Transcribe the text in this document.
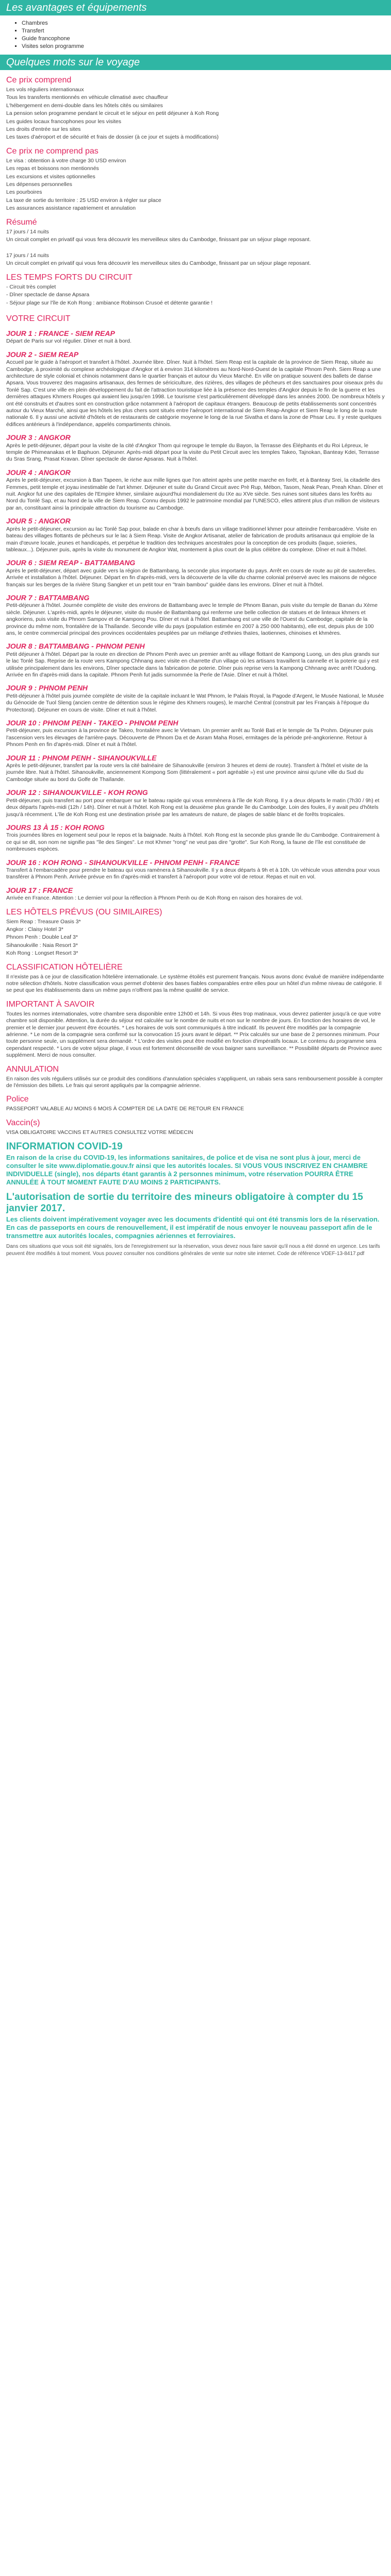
Les avantages et équipements
▪ Chambres
▪ Transfert
▪ Guide francophone
▪ Visites selon programme
Quelques mots sur le voyage
Ce prix comprend

Les vols réguliers internationaux

Tous les transferts mentionnés en véhicule climatisé avec chauffeur

L'hébergement en demi-double dans les hôtels cités ou similaires

La pension selon programme pendant le circuit et le séjour en petit déjeuner à Koh Rong

Les guides locaux francophones pour les visites

Les droits d'entrée sur les sites

Les taxes d'aéroport et de sécurité et frais de dossier (à ce jour et sujets à modifications)

Ce prix ne comprend pas

Le visa : obtention à votre charge 30 USD environ

Les repas et boissons non mentionnés

Les excursions et visites optionnelles

Les dépenses personnelles

Les pourboires

La taxe de sortie du territoire : 25 USD environ à régler sur place

Les assurances assistance rapatriement et annulation

Résumé

17 jours / 14 nuits

Un circuit complet en privatif qui vous fera découvrir les merveilleux sites du Cambodge, finissant par un séjour plage reposant.

17 jours / 14 nuits

Un circuit complet en privatif qui vous fera découvrir les merveilleux sites du Cambodge, finissant par un séjour plage reposant.

LES TEMPS FORTS DU CIRCUIT

- Circuit très complet

- Dîner spectacle de danse Apsara

- Séjour plage sur l'île de Koh Rong : ambiance Robinson Crusoé et détente garantie !

VOTRE CIRCUIT
JOUR 1 : FRANCE - SIEM REAP

Départ de Paris sur vol régulier. Dîner et nuit à bord.

JOUR 2 - SIEM REAP

Accueil par le guide à l'aéroport et transfert à l'hôtel. Journée libre. Dîner. Nuit à l'hôtel. Siem Reap est la capitale de la province de Siem Reap, située au Cambodge, à proximité du complexe archéologique d'Angkor et à environ 314 kilomètres au Nord-Nord-Ouest de la capitale Phnom Penh. Siem Reap a une architecture de style colonial et chinois notamment dans le quartier français et autour du Vieux Marché. En ville on pratique souvent des ballets de danse Apsara. Vous trouverez des magasins artisanaux, des fermes de sériciculture, des rizières, des villages de pêcheurs et des sanctuaires pour oiseaux près du Tonlé Sap. C'est une ville en plein développement du fait de l'attraction touristique liée à la présence des temples d'Angkor depuis le fin de la guerre et les dernières attaques Khmers Rouges qui avaient lieu jusqu'en 1998. Le tourisme s'est particulièrement développé dans les années 2000. De nombreux hôtels y ont été construits et d'autres sont en construction grâce notamment à l'aéroport de capitaux étrangers. Beaucoup de petits établissements sont concentrés autour du Vieux Marché, ainsi que les hôtels les plus chers sont situés entre l'aéroport international de Siem Reap-Angkor et Siem Reap le long de la route nationale 6. Il y aussi une activité d'hôtels et de restaurants de catégorie moyenne le long de la rue Sivatha et dans la zone de Phsar Leu. Il y reste quelques édifices antérieurs à l'indépendance, appelés compartiments chinois.

JOUR 3 : ANGKOR

Après le petit-déjeuner, départ pour la visite de la cité d'Angkor Thom qui regroupe le temple du Bayon, la Terrasse des Éléphants et du Roi Lépreux, le temple de Phimeanakas et le Baphuon. Déjeuner. Après-midi départ pour la visite du Petit Circuit avec les temples Takeo, Tajnokan, Banteay Kdei, Terrasse du Sras Srang, Prasat Kravan. Dîner spectacle de danse Apsaras. Nuit à l'hôtel.

JOUR 4 : ANGKOR

Après le petit-déjeuner, excursion à Ban Tapeen, le riche aux mille lignes que l'on atteint après une petite marche en forêt, et à Banteay Srei, la citadelle des Femmes, petit temple et joyau inestimable de l'art khmer. Déjeuner et suite du Grand Circuit avec Prè Rup, Mébon, Tasom, Neak Pean, Preah Khan. Dîner et nuit. Angkor fut une des capitales de l'Empire khmer, similaire aujourd'hui mondialement du IXe au XVe siècle. Ses ruines sont situées dans les forêts au Nord du Tonlé Sap, et au Nord de la ville de Siem Reap. Connu depuis 1992 le patrimoine mondial par l'UNESCO, elles attirent plus d'un million de visiteurs par an, constituant ainsi la principale attraction du tourisme au Cambodge.

JOUR 5 : ANGKOR

Après le petit-déjeuner, excursion au lac Tonlé Sap pour, balade en char à bœufs dans un village traditionnel khmer pour atteindre l'embarcadère. Visite en bateau des villages flottants de pêcheurs sur le lac à Siem Reap. Visite de Angkor Artisanat, atelier de fabrication de produits artisanaux qui emploie de la main d'œuvre locale, jeunes et handicapés, et perpétue le tradition des techniques ancestrales pour la conception de ces produits (laque, soieries, tableaux...). Déjeuner puis, après la visite du monument de Angkor Wat, montement à plus court de la plus célèbre du complexe. Dîner et nuit à l'hôtel.

JOUR 6 : SIEM REAP - BATTAMBANG

Après le petit-déjeuner, départ avec guide vers la région de Battambang, la seconde plus importante du pays. Arrêt en cours de route au pit de sauterelles. Arrivée et installation à l'hôtel. Déjeuner. Départ en fin d'après-midi, vers la découverte de la ville du charme colonial préservé avec les maisons de négoce français sur les berges de la rivière Stung Sangker et un petit tour en "train bambou" guidée dans les environs. Dîner et nuit à l'hôtel.

JOUR 7 : BATTAMBANG

Petit-déjeuner à l'hôtel. Journée complète de visite des environs de Battambang avec le temple de Phnom Banan, puis visite du temple de Banan du Xème siècle. Déjeuner. L'après-midi, après le déjeuner, visite du musée de Battambang qui renferme une belle collection de statues et de linteaux khmers et angkoriens, puis visite du Phnom Sampov et de Kampong Pou. Dîner et nuit à l'hôtel. Battambang est une ville de l'Ouest du Cambodge, capitale de la province du même nom, frontalière de la Thaïlande. Seconde ville du pays (population estimée en 2007 à 250 000 habitants), elle est, depuis plus de 100 ans, le centre commercial principal des provinces occidentales peuplées par un mélange d'ethnies thaïes, laotiennes, chinoises et khmères.

JOUR 8 : BATTAMBANG - PHNOM PENH

Petit déjeuner à l'hôtel. Départ par la route en direction de Phnom Penh avec un premier arrêt au village flottant de Kampong Luong, un des plus grands sur le lac Tonlé Sap. Reprise de la route vers Kampong Chhnang avec visite en charrette d'un village où les artisans travaillent la cannelle et la poterie qui y est utilisée principalement dans les environs, Dîner spectacle dans la fabrication de poterie. Dîner puis reprise vers la Kampong Chhnang avec arrêt l'Oudong. Arrivée en fin d'après-midi dans la capitale. Phnom Penh fut jadis surnommée la Perle de l'Asie. Dîner et nuit à l'hôtel.

JOUR 9 : PHNOM PENH

Petit-déjeuner à l'hôtel puis journée complète de visite de la capitale incluant le Wat Phnom, le Palais Royal, la Pagode d'Argent, le Musée National, le Musée du Génocide de Tuol Sleng (ancien centre de détention sous le régime des Khmers rouges), le marché Central (construit par les Français à l'époque du Protectorat). Déjeuner en cours de visite. Dîner et nuit à l'hôtel.

JOUR 10 : PHNOM PENH - TAKEO - PHNOM PENH

Petit-déjeuner, puis excursion à la province de Takeo, frontalière avec le Vietnam. Un premier arrêt au Tonlé Bati et le temple de Ta Prohm. Déjeuner puis l'ascension vers les élevages de l'arrière-pays. Découverte de Phnom Da et de Asram Maha Rosei, ermitages de la période pré-angkorienne. Retour à Phnom Penh en fin d'après-midi. Dîner et nuit à l'hôtel.

JOUR 11 : PHNOM PENH - SIHANOUKVILLE

Après le petit-déjeuner, transfert par la route vers la cité balnéaire de Sihanoukville (environ 3 heures et demi de route). Transfert à l'hôtel et visite de la journée libre. Nuit à l'hôtel. Sihanoukville, anciennement Kompong Som (littéralement « port agréable ») est une province ainsi qu'une ville du Sud du Cambodge située au bord du Golfe de Thaïlande.

JOUR 12 : SIHANOUKVILLE - KOH RONG

Petit-déjeuner, puis transfert au port pour embarquer sur le bateau rapide qui vous emmènera à l'île de Koh Rong. Il y a deux départs le matin (7h30 / 9h) et deux départs l'après-midi (12h / 14h). Dîner et nuit à l'hôtel. Koh Rong est la deuxième plus grande île du Cambodge. Loin des foules, il y avait peu d'hôtels jusqu'à récemment. L'île de Koh Rong est une destination prisée par les amateurs de nature, de plages de sable blanc et de forêts tropicales.

JOURS 13 À 15 : KOH RONG

Trois journées libres en logement seul pour le repos et la baignade. Nuits à l'hôtel. Koh Rong est la seconde plus grande île du Cambodge. Contrairement à ce qui se dit, son nom ne signifie pas "île des Singes". Le mot Khmer "rong" ne veut pas dire "grotte". Sur Koh Rong, la faune de l'île est constituée de nombreuses espèces.

JOUR 16 : KOH RONG - SIHANOUKVILLE - PHNOM PENH - FRANCE

Transfert à l'embarcadère pour prendre le bateau qui vous ramènera à Sihanoukville. Il y a deux départs à 9h et à 10h. Un véhicule vous attendra pour vous transférer à Phnom Penh. Arrivée prévue en fin d'après-midi et transfert à l'aéroport pour votre vol de retour. Repas et nuit en vol.

JOUR 17 : FRANCE

Arrivée en France. Attention : Le dernier vol pour la réflection à Phnom Penh ou de Koh Rong en raison des horaires de vol.

LES HÔTELS PRÉVUS (OU SIMILAIRES)

Siem Reap : Treasure Oasis 3*

Angkor : Claisy Hotel 3*

Phnom Penh : Double Leaf 3*

Sihanoukville : Naia Resort 3*

Koh Rong : Longset Resort 3*

CLASSIFICATION HÔTELIÈRE

Il n'existe pas à ce jour de classification hôtelière internationale. Le système étoilés est purement français. Nous avons donc évalué de manière indépendante notre sélection d'hôtels. Notre classification vous permet d'obtenir des bases fiables comparables entre elles pour un hôtel d'un même niveau de catégorie. Il se peut que les établissements dans un même pays n'offrent pas la même qualité de service.

IMPORTANT À SAVOIR

Toutes les normes internationales, votre chambre sera disponible entre 12h00 et 14h. Si vous êtes trop matinaux, vous devrez patienter jusqu'à ce que votre chambre soit disponible. Attention, la durée du séjour est calculée sur le nombre de nuits et non sur le nombre de jours. En fonction des horaires de vol, le premier et le dernier jour peuvent être écourtés. * Les horaires de vols sont communiqués à titre indicatif. Ils peuvent être modifiés par la compagnie aérienne. * Le nom de la compagnie sera confirmé sur la convocation 15 jours avant le départ. ** Prix calculés sur une base de 2 personnes minimum. Pour toute personne seule, un supplément sera demandé. * L'ordre des visites peut être modifié en fonction d'impératifs locaux. Le contenu du programme sera cependant respecté. * Lors de votre séjour plage, il vous est fortement déconseillé de vous baigner sans surveillance. ** Possibilité départs de Province avec supplément. Merci de nous consulter.

ANNULATION

En raison des vols réguliers utilisés sur ce produit des conditions d'annulation spéciales s'appliquent, un rabais sera sans remboursement possible à compter de l'émission des billets. Le frais qui seront appliqués par la compagnie aérienne.

Police

PASSEPORT VALABLE AU MOINS 6 MOIS À COMPTER DE LA DATE DE RETOUR EN FRANCE

Vaccin(s)

VISA OBLIGATOIRE VACCINS ET AUTRES CONSULTEZ VOTRE MÉDECIN

INFORMATION COVID-19

En raison de la crise du COVID-19, les informations sanitaires, de police et de visa ne sont plus à jour, merci de consulter le site www.diplomatie.gouv.fr ainsi que les autorités locales. SI VOUS VOUS INSCRIVEZ EN CHAMBRE INDIVIDUELLE (single), nos départs étant garantis à 2 personnes minimum, votre réservation POURRA ÊTRE ANNULÉE À TOUT MOMENT FAUTE D'AU MOINS 2 PARTICIPANTS.

L'autorisation de sortie du territoire des mineurs obligatoire à compter du 15 janvier 2017.

Les clients doivent impérativement voyager avec les documents d'identité qui ont été transmis lors de la réservation. En cas de passeports en cours de renouvellement, il est impératif de nous envoyer le nouveau passeport afin de le transmettre aux autorités locales, compagnies aériennes et ferroviaires.

Dans ces situations que vous soit été signalés, lors de l'enregistrement sur la réservation, vous devez nous faire savoir qu'il nous a été donné en urgence. Les tarifs peuvent être modifiés à tout moment. Vous pouvez consulter nos conditions générales de vente sur notre site internet. Code de référence VDEF-13-8417.pdf
